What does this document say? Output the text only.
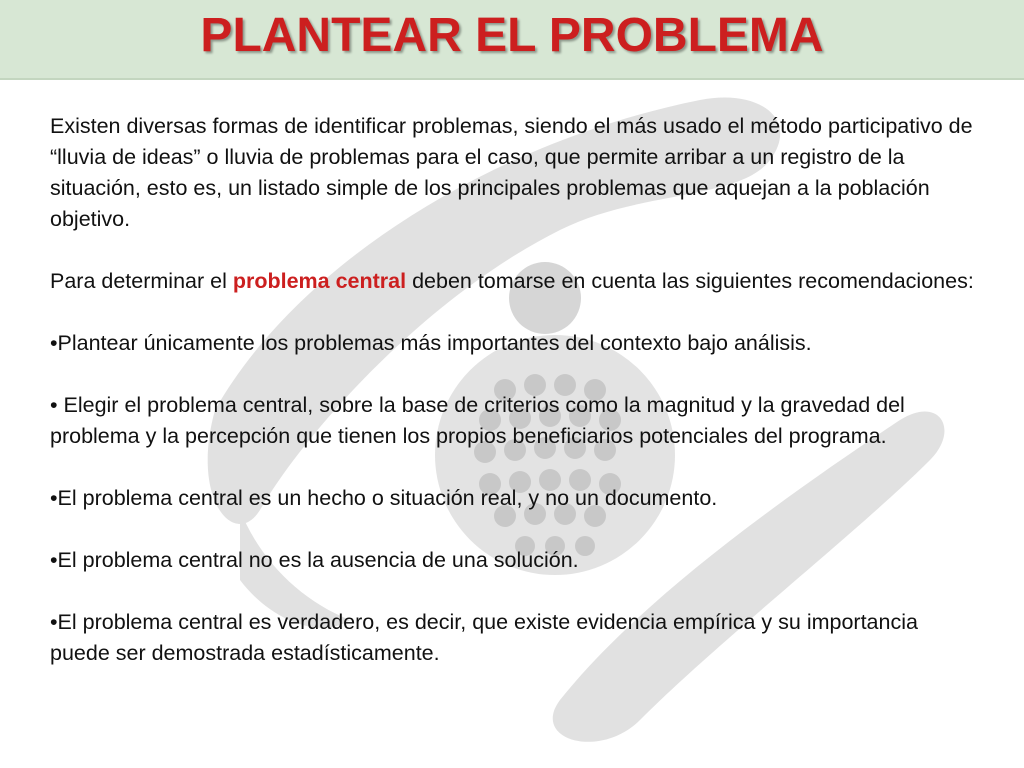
PLANTEAR EL PROBLEMA

Existen diversas formas de identificar problemas, siendo el más usado el método participativo de “lluvia de ideas” o lluvia de problemas para el caso, que permite arribar a un registro de la situación, esto es, un listado simple de los principales problemas que aquejan a la población objetivo.

Para determinar el problema central deben tomarse en cuenta las siguientes recomendaciones:

•Plantear únicamente los problemas más importantes del contexto bajo análisis.

• Elegir el problema central, sobre la base de criterios como la magnitud y la gravedad del problema y la percepción que tienen los propios beneficiarios potenciales del programa.

•El problema central es un hecho o situación real, y no un documento.

•El problema central no es la ausencia de una solución.

•El problema central es verdadero, es decir, que existe evidencia empírica y su importancia puede ser demostrada estadísticamente.
